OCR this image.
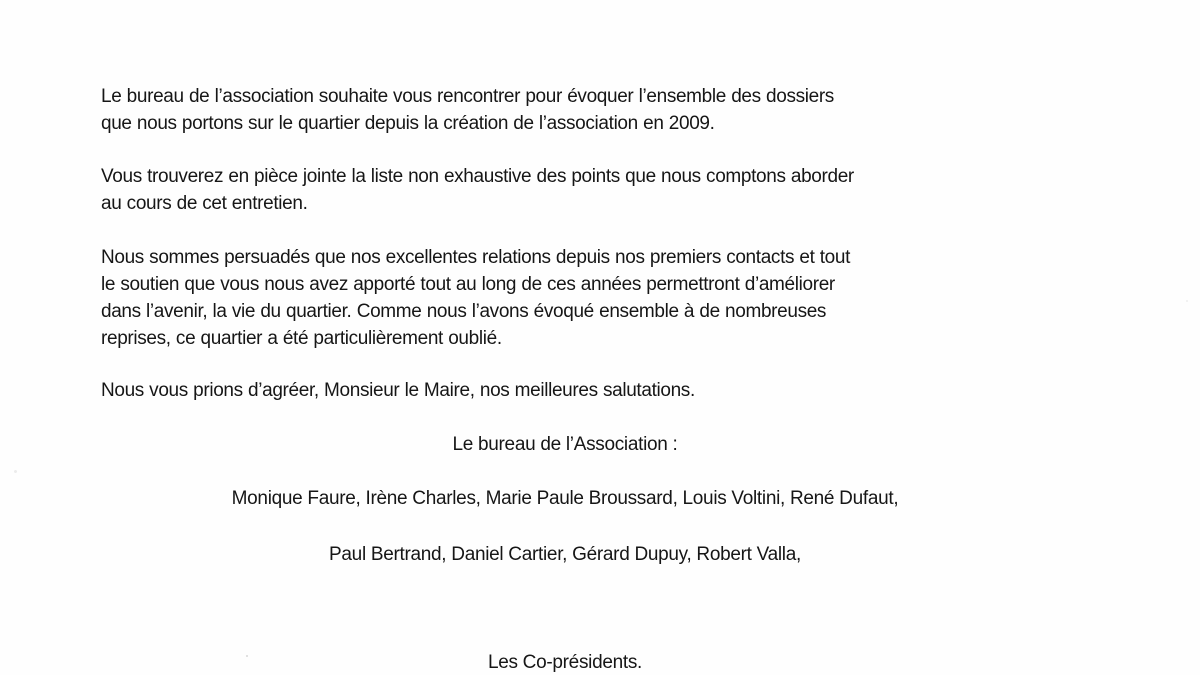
Le bureau de l’association souhaite vous rencontrer pour évoquer l’ensemble des dossiers
que nous portons sur le quartier depuis la création de l’association en 2009.

Vous trouverez en pièce jointe la liste non exhaustive des points que nous comptons aborder
au cours de cet entretien.

Nous sommes persuadés que nos excellentes relations depuis nos premiers contacts et tout
le soutien que vous nous avez apporté tout au long de ces années permettront d’améliorer
dans l’avenir, la vie du quartier. Comme nous l’avons évoqué ensemble à de nombreuses
reprises, ce quartier a été particulièrement oublié.

Nous vous prions d’agréer, Monsieur le Maire, nos meilleures salutations.

Le bureau de l’Association :

Monique Faure, Irène Charles, Marie Paule Broussard, Louis Voltini, René Dufaut,

Paul Bertrand, Daniel Cartier, Gérard Dupuy, Robert Valla,

Les Co-présidents.
